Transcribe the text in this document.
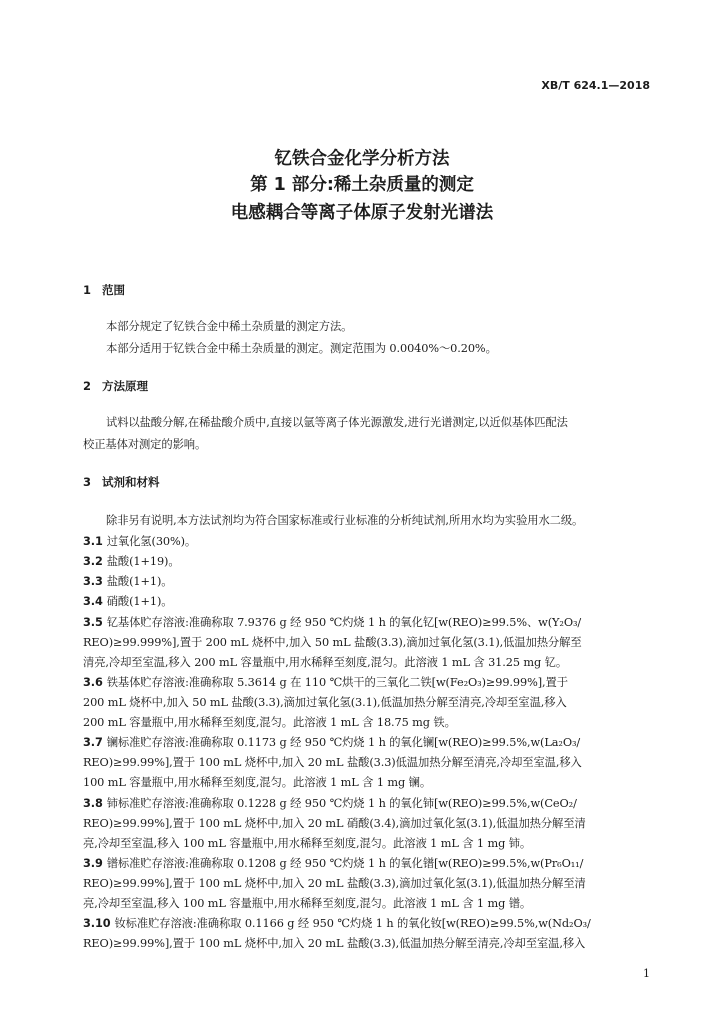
XB/T 624.1—2018
钇铁合金化学分析方法
第 1 部分:稀土杂质量的测定
电感耦合等离子体原子发射光谱法
1 范围
本部分规定了钇铁合金中稀土杂质量的测定方法。
本部分适用于钇铁合金中稀土杂质量的测定。测定范围为 0.0040%～0.20%。
2 方法原理
试料以盐酸分解,在稀盐酸介质中,直接以氩等离子体光源激发,进行光谱测定,以近似基体匹配法
校正基体对测定的影响。
3 试剂和材料
除非另有说明,本方法试剂均为符合国家标准或行业标准的分析纯试剂,所用水均为实验用水二级。
3.1 过氧化氢(30%)。
3.2 盐酸(1+19)。
3.3 盐酸(1+1)。
3.4 硝酸(1+1)。
3.5 钇基体贮存溶液:准确称取 7.9376 g 经 950 ℃灼烧 1 h 的氧化钇[w(REO)≥99.5%、w(Y₂O₃/
REO)≥99.999%],置于 200 mL 烧杯中,加入 50 mL 盐酸(3.3),滴加过氧化氢(3.1),低温加热分解至
清亮,冷却至室温,移入 200 mL 容量瓶中,用水稀释至刻度,混匀。此溶液 1 mL 含 31.25 mg 钇。
3.6 铁基体贮存溶液:准确称取 5.3614 g 在 110 ℃烘干的三氧化二铁[w(Fe₂O₃)≥99.99%],置于
200 mL 烧杯中,加入 50 mL 盐酸(3.3),滴加过氧化氢(3.1),低温加热分解至清亮,冷却至室温,移入
200 mL 容量瓶中,用水稀释至刻度,混匀。此溶液 1 mL 含 18.75 mg 铁。
3.7 镧标准贮存溶液:准确称取 0.1173 g 经 950 ℃灼烧 1 h 的氧化镧[w(REO)≥99.5%,w(La₂O₃/
REO)≥99.99%],置于 100 mL 烧杯中,加入 20 mL 盐酸(3.3)低温加热分解至清亮,冷却至室温,移入
100 mL 容量瓶中,用水稀释至刻度,混匀。此溶液 1 mL 含 1 mg 镧。
3.8 铈标准贮存溶液:准确称取 0.1228 g 经 950 ℃灼烧 1 h 的氧化铈[w(REO)≥99.5%,w(CeO₂/
REO)≥99.99%],置于 100 mL 烧杯中,加入 20 mL 硝酸(3.4),滴加过氧化氢(3.1),低温加热分解至清
亮,冷却至室温,移入 100 mL 容量瓶中,用水稀释至刻度,混匀。此溶液 1 mL 含 1 mg 铈。
3.9 镨标准贮存溶液:准确称取 0.1208 g 经 950 ℃灼烧 1 h 的氧化镨[w(REO)≥99.5%,w(Pr₆O₁₁/
REO)≥99.99%],置于 100 mL 烧杯中,加入 20 mL 盐酸(3.3),滴加过氧化氢(3.1),低温加热分解至清
亮,冷却至室温,移入 100 mL 容量瓶中,用水稀释至刻度,混匀。此溶液 1 mL 含 1 mg 镨。
3.10 钕标准贮存溶液:准确称取 0.1166 g 经 950 ℃灼烧 1 h 的氧化钕[w(REO)≥99.5%,w(Nd₂O₃/
REO)≥99.99%],置于 100 mL 烧杯中,加入 20 mL 盐酸(3.3),低温加热分解至清亮,冷却至室温,移入
1
